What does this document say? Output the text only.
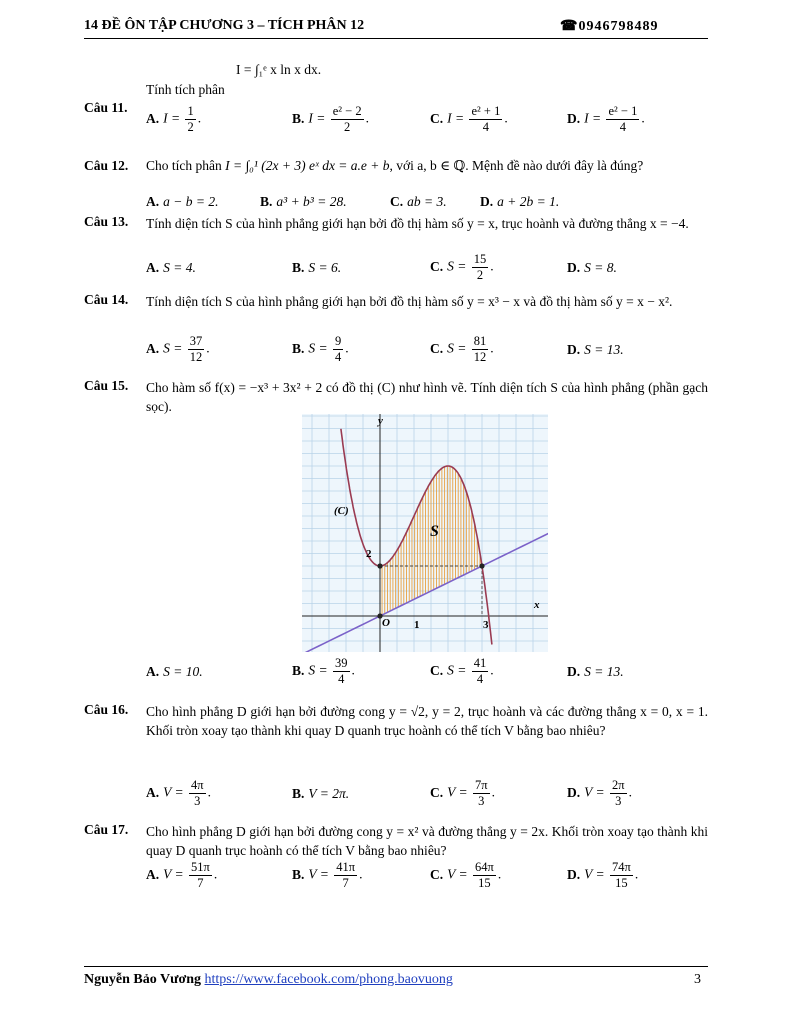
14 ĐỀ ÔN TẬP CHƯƠNG 3 – TÍCH PHÂN 12	☎0946798489
I = ∫₁ᵉ x ln x dx.
Tính tích phân
Câu 11.
A. $I = \frac{1}{2}$ .	B. $I = \frac{\text{e² − 2}}{2}$ .	C. $I = \frac{\text{e² + 1}}{4}$ .	D. $I = \frac{\text{e² − 1}}{4}$ .
Câu 12. Cho tích phân I = ∫₀¹ (2x + 3) eˣ dx = a.e + b, với a, b ∈ ℚ. Mệnh đề nào dưới đây là đúng?
A. a − b = 2.	B. a³ + b³ = 28.	C. ab = 3. D. a + 2b = 1.
Câu 13. Tính diện tích S của hình phẳng giới hạn bởi đồ thị hàm số y = x, trục hoành và đường thẳng x = −4.
A. S = 4.	B. S = 6.	C. $S = \frac{15}{2}$ .	D. S = 8.
Câu 14. Tính diện tích S của hình phẳng giới hạn bởi đồ thị hàm số y = x³ − x và đồ thị hàm số y = x − x².
A. $S = \frac{37}{12}$ .	B. $S = \frac{9}{4}$ .	C. $S = \frac{81}{12}$ .	D. S = 13.
Câu 15. Cho hàm số f(x) = −x³ + 3x² + 2 có đồ thị (C) như hình vẽ. Tính diện tích S của hình phẳng (phần gạch sọc).
y
x
(C)
S
O 1	3
2
A. S = 10.	B. $S = \frac{39}{4}$ .	C. $S = \frac{41}{4}$ .	D. S = 13.
Câu 16. Cho hình phẳng D giới hạn bởi đường cong y = √2, y = 2, trục hoành và các đường thẳng x = 0, x = 1. Khối tròn xoay tạo thành khi quay D quanh trục hoành có thể tích V bằng bao nhiêu?
A. $V = \frac{4\pi}{3}$ .	B. V = 2π.	C. $V = \frac{7\pi}{3}$ .	D. $V = \frac{2\pi}{3}$ .
Câu 17. Cho hình phẳng D giới hạn bởi đường cong y = x² và đường thẳng y = 2x. Khối tròn xoay tạo thành khi quay D quanh trục hoành có thể tích V bằng bao nhiêu?
A. $V = \frac{51\pi}{7}$ .	B. $V = \frac{41\pi}{7}$ .	C. $V = \frac{64\pi}{15}$ .	D. $V = \frac{74\pi}{15}$ .
Nguyễn Bảo Vương https://www.facebook.com/phong.baovuong	3
